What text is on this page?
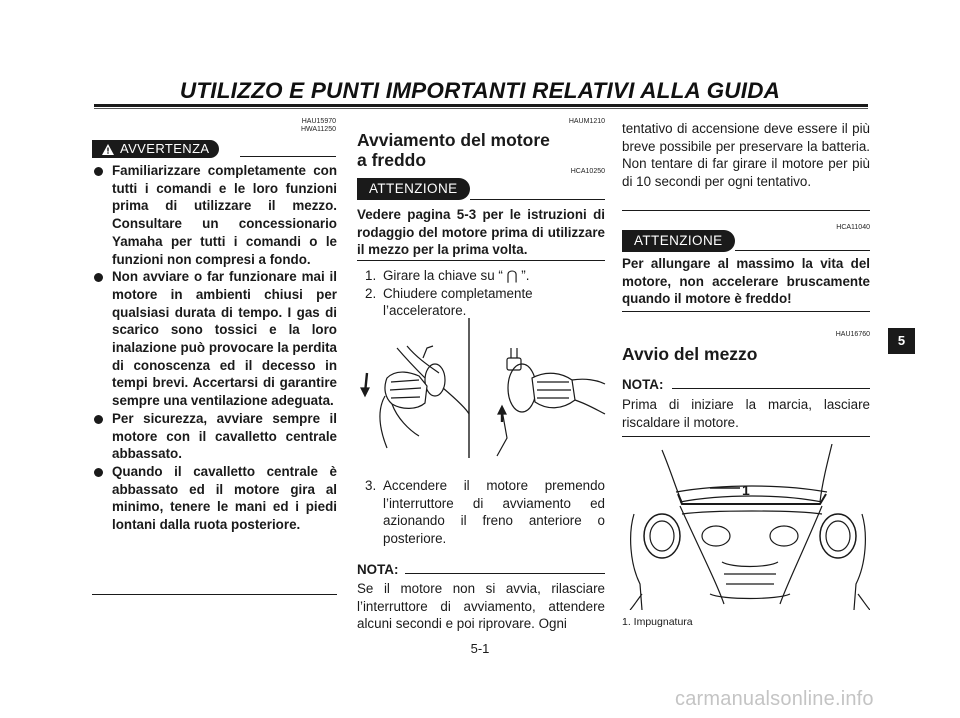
UTILIZZO E PUNTI IMPORTANTI RELATIVI ALLA GUIDA
HAU15970
HWA11250
AVVERTENZA
Familiarizzare completamente con tutti i comandi e le loro funzioni prima di utilizzare il mezzo. Consultare un concessionario Yamaha per tutti i comandi o le funzioni non compresi a fondo.
Non avviare o far funzionare mai il motore in ambienti chiusi per qualsiasi durata di tempo. I gas di scarico sono tossici e la loro inalazione può provocare la perdita di conoscenza ed il decesso in tempi brevi. Accertarsi di garantire sempre una ventilazione adeguata.
Per sicurezza, avviare sempre il motore con il cavalletto centrale abbassato.
Quando il cavalletto centrale è abbassato ed il motore gira al minimo, tenere le mani ed i piedi lontani dalla ruota posteriore.
HAUM1210
Avviamento del motore a freddo
HCA10250
ATTENZIONE
Vedere pagina 5-3 per le istruzioni di rodaggio del motore prima di utilizzare il mezzo per la prima volta.
1. Girare la chiave su “ ⋂ ”.
2. Chiudere completamente l’acceleratore.
3. Accendere il motore premendo l’interruttore di avviamento ed azionando il freno anteriore o posteriore.
NOTA:
Se il motore non si avvia, rilasciare l’interruttore di avviamento, attendere alcuni secondi e poi riprovare. Ogni
5-1
tentativo di accensione deve essere il più breve possibile per preservare la batteria. Non tentare di far girare il motore per più di 10 secondi per ogni tentativo.
HCA11040
ATTENZIONE
Per allungare al massimo la vita del motore, non accelerare bruscamente quando il motore è freddo!
HAU16760
Avvio del mezzo
NOTA:
Prima di iniziare la marcia, lasciare riscaldare il motore.
1
1. Impugnatura
5
carmanualsonline.info
